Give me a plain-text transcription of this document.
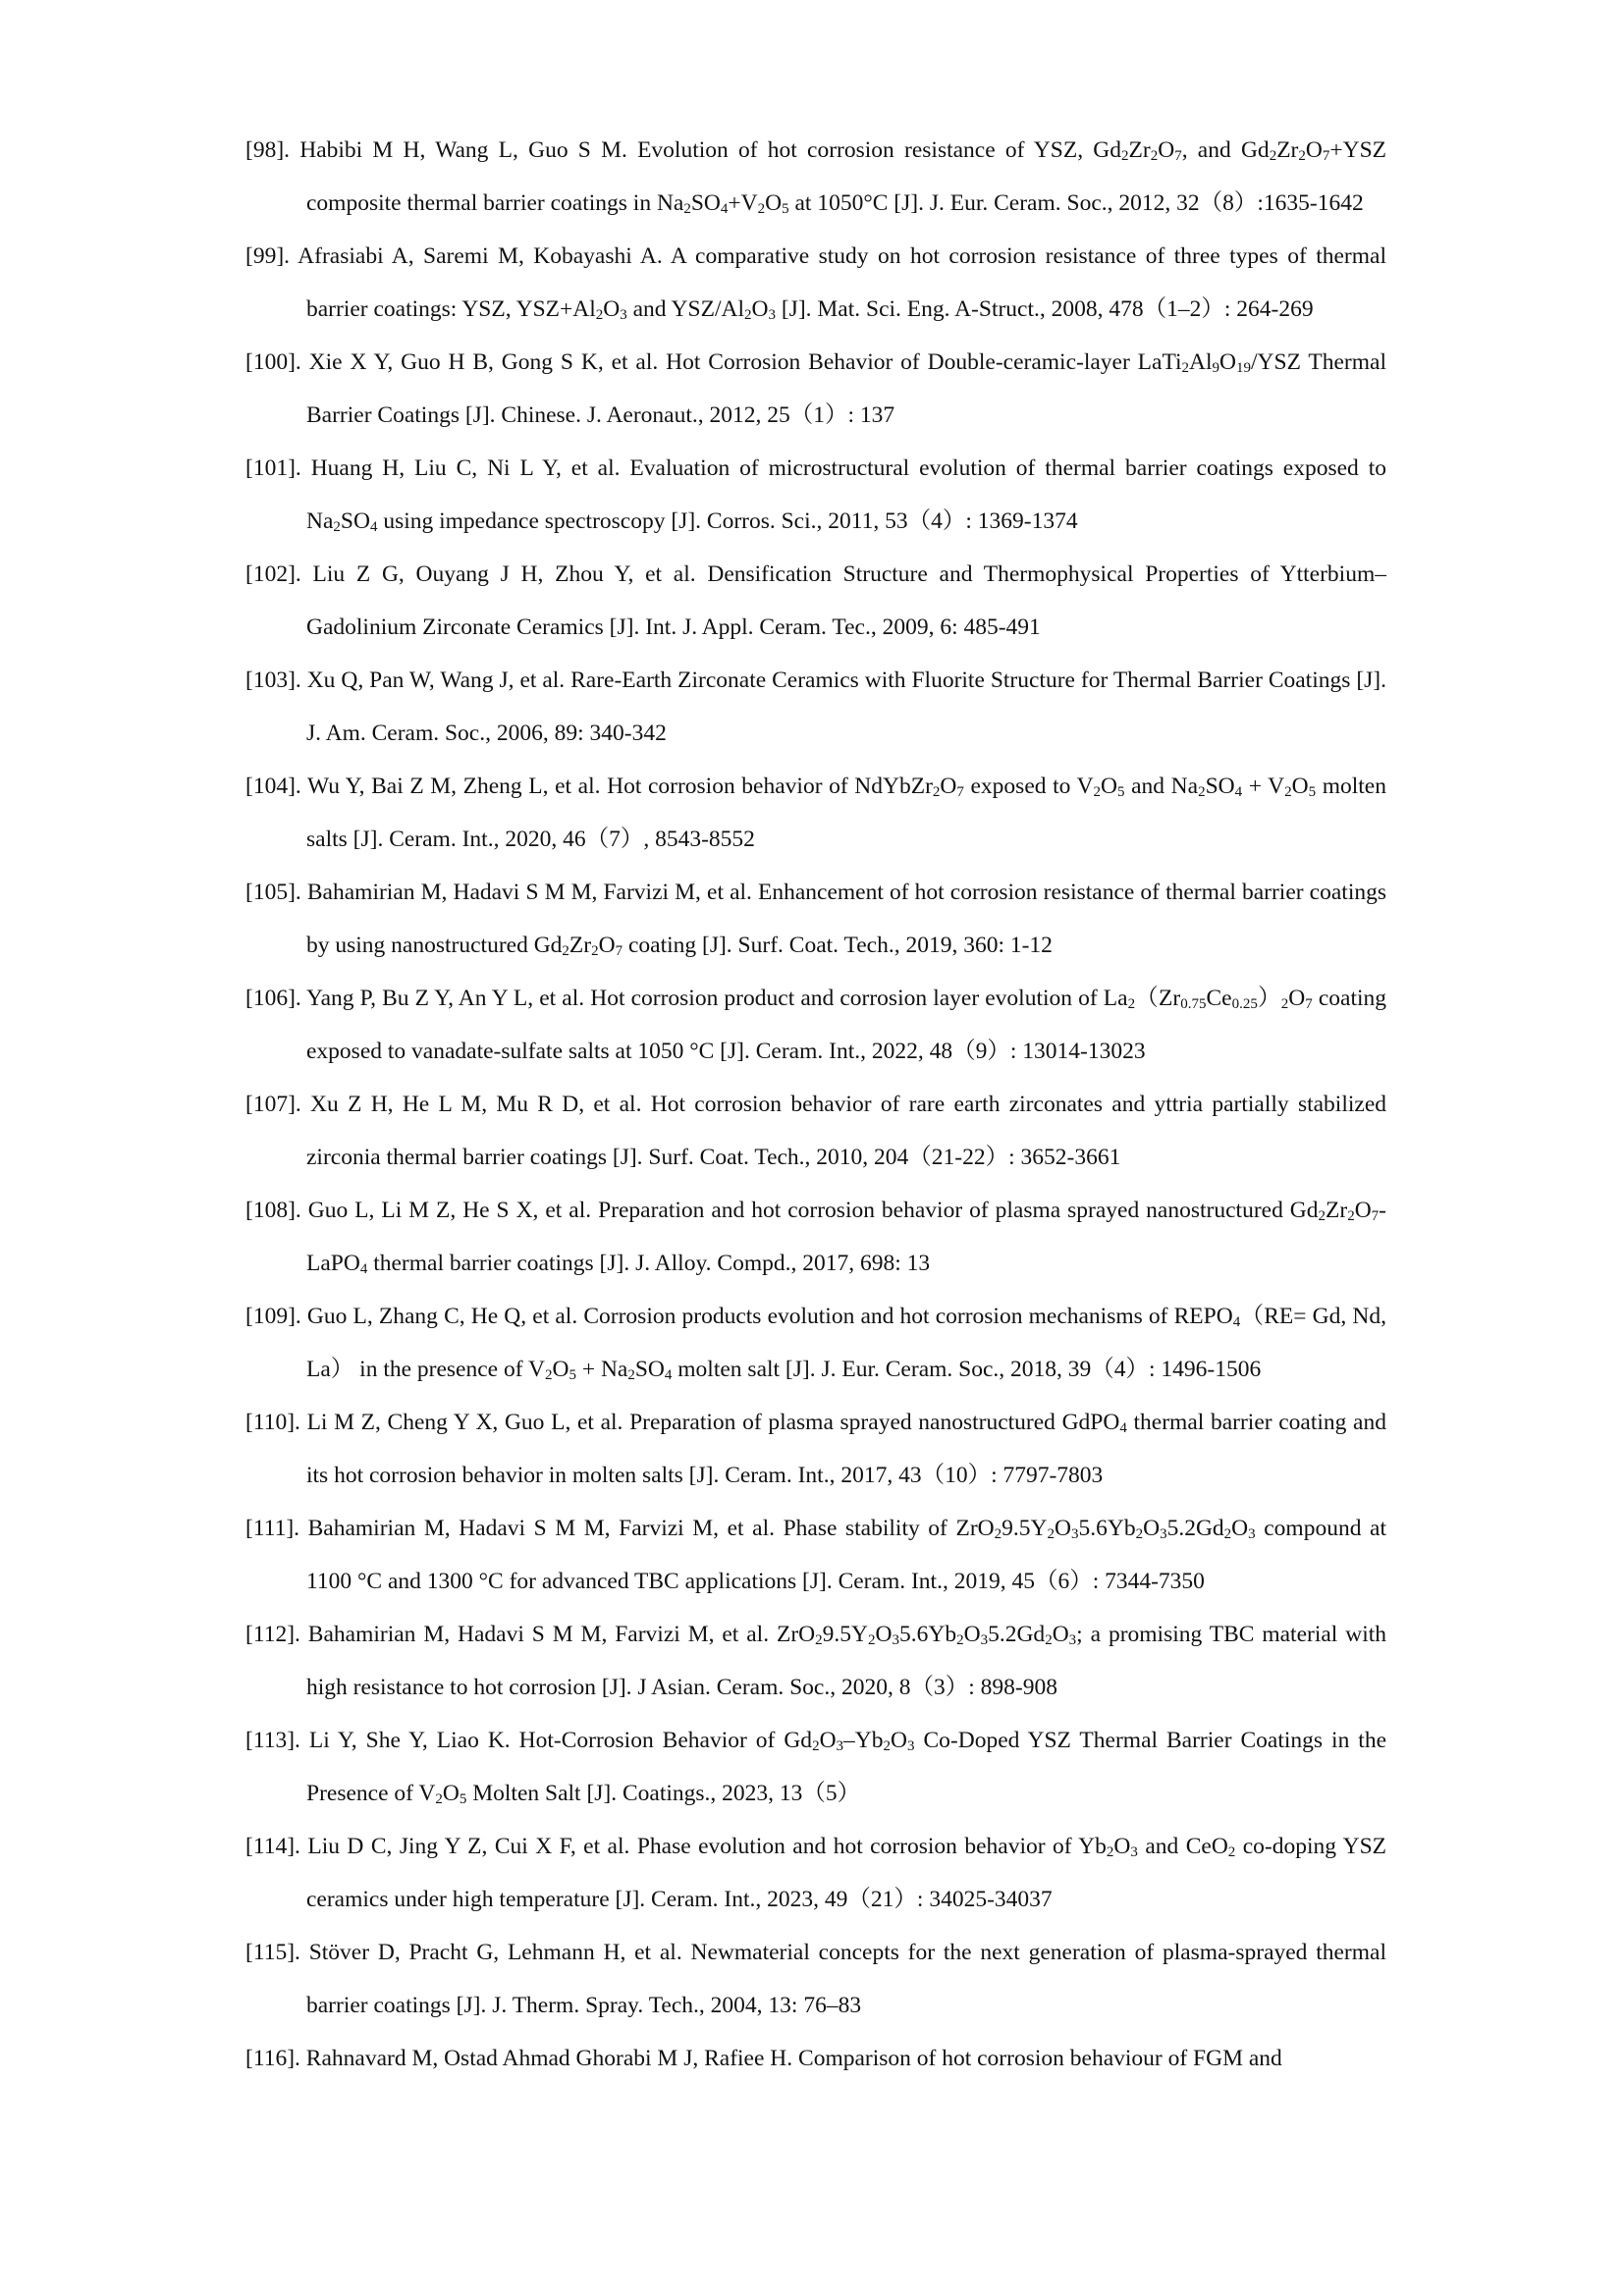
[98]. Habibi M H, Wang L, Guo S M. Evolution of hot corrosion resistance of YSZ, $Gd_2Zr_2O_7$, and $Gd_2Zr_2O_7+YSZ$ composite thermal barrier coatings in $Na_2SO_4+V_2O_5$ at 1050°C [J]. J. Eur. Ceram. Soc., 2012, 32（8）:1635-1642
[99]. Afrasiabi A, Saremi M, Kobayashi A. A comparative study on hot corrosion resistance of three types of thermal barrier coatings: YSZ, $YSZ+Al_2O_3$ and YSZ/$Al_2O_3$ [J]. Mat. Sci. Eng. A-Struct., 2008, 478（1–2）: 264-269
[100]. Xie X Y, Guo H B, Gong S K, et al. Hot Corrosion Behavior of Double-ceramic-layer $LaTi_2Al_9O_{19}$/YSZ Thermal Barrier Coatings [J]. Chinese. J. Aeronaut., 2012, 25（1）: 137
[101]. Huang H, Liu C, Ni L Y, et al. Evaluation of microstructural evolution of thermal barrier coatings exposed to $Na_2SO_4$ using impedance spectroscopy [J]. Corros. Sci., 2011, 53（4）: 1369-1374
[102]. Liu Z G, Ouyang J H, Zhou Y, et al. Densification Structure and Thermophysical Properties of Ytterbium–Gadolinium Zirconate Ceramics [J]. Int. J. Appl. Ceram. Tec., 2009, 6: 485-491
[103]. Xu Q, Pan W, Wang J, et al. Rare-Earth Zirconate Ceramics with Fluorite Structure for Thermal Barrier Coatings [J]. J. Am. Ceram. Soc., 2006, 89: 340-342
[104]. Wu Y, Bai Z M, Zheng L, et al. Hot corrosion behavior of $NdYbZr_2O_7$ exposed to $V_2O_5$ and $Na_2SO_4 + V_2O_5$ molten salts [J]. Ceram. Int., 2020, 46（7）, 8543-8552
[105]. Bahamirian M, Hadavi S M M, Farvizi M, et al. Enhancement of hot corrosion resistance of thermal barrier coatings by using nanostructured $Gd_2Zr_2O_7$ coating [J]. Surf. Coat. Tech., 2019, 360: 1-12
[106]. Yang P, Bu Z Y, An Y L, et al. Hot corrosion product and corrosion layer evolution of $La_2(Zr_{0.75}Ce_{0.25})_2O_7$ coating exposed to vanadate-sulfate salts at 1050 °C [J]. Ceram. Int., 2022, 48（9）: 13014-13023
[107]. Xu Z H, He L M, Mu R D, et al. Hot corrosion behavior of rare earth zirconates and yttria partially stabilized zirconia thermal barrier coatings [J]. Surf. Coat. Tech., 2010, 204（21-22）: 3652-3661
[108]. Guo L, Li M Z, He S X, et al. Preparation and hot corrosion behavior of plasma sprayed nanostructured $Gd_2Zr_2O_7-LaPO_4$ thermal barrier coatings [J]. J. Alloy. Compd., 2017, 698: 13
[109]. Guo L, Zhang C, He Q, et al. Corrosion products evolution and hot corrosion mechanisms of $REPO_4(RE= Gd$, Nd, La） in the presence of $V_2O_5 + Na_2SO_4$ molten salt [J]. J. Eur. Ceram. Soc., 2018, 39（4）: 1496-1506
[110]. Li M Z, Cheng Y X, Guo L, et al. Preparation of plasma sprayed nanostructured GdPO$_4$ thermal barrier coating and its hot corrosion behavior in molten salts [J]. Ceram. Int., 2017, 43（10）: 7797-7803
[111]. Bahamirian M, Hadavi S M M, Farvizi M, et al. Phase stability of $ZrO_29.5Y_2O_35.6Yb_2O_35.2Gd_2O_3$ compound at 1100 °C and 1300 °C for advanced TBC applications [J]. Ceram. Int., 2019, 45（6）: 7344-7350
[112]. Bahamirian M, Hadavi S M M, Farvizi M, et al. $ZrO_29.5Y_2O_35.6Yb_2O_35.2Gd_2O_3$; a promising TBC material with high resistance to hot corrosion [J]. J Asian. Ceram. Soc., 2020, 8（3）: 898-908
[113]. Li Y, She Y, Liao K. Hot-Corrosion Behavior of $Gd_2O_3-Yb_2O_3$ Co-Doped YSZ Thermal Barrier Coatings in the Presence of $V_2O_5$ Molten Salt [J]. Coatings., 2023, 13（5）
[114]. Liu D C, Jing Y Z, Cui X F, et al. Phase evolution and hot corrosion behavior of $Yb_2O_3$ and CeO$_2$ co-doping YSZ ceramics under high temperature [J]. Ceram. Int., 2023, 49（21）: 34025-34037
[115]. Stöver D, Pracht G, Lehmann H, et al. Newmaterial concepts for the next generation of plasma-sprayed thermal barrier coatings [J]. J. Therm. Spray. Tech., 2004, 13: 76–83
[116]. Rahnavard M, Ostad Ahmad Ghorabi M J, Rafiee H. Comparison of hot corrosion behaviour of FGM and
